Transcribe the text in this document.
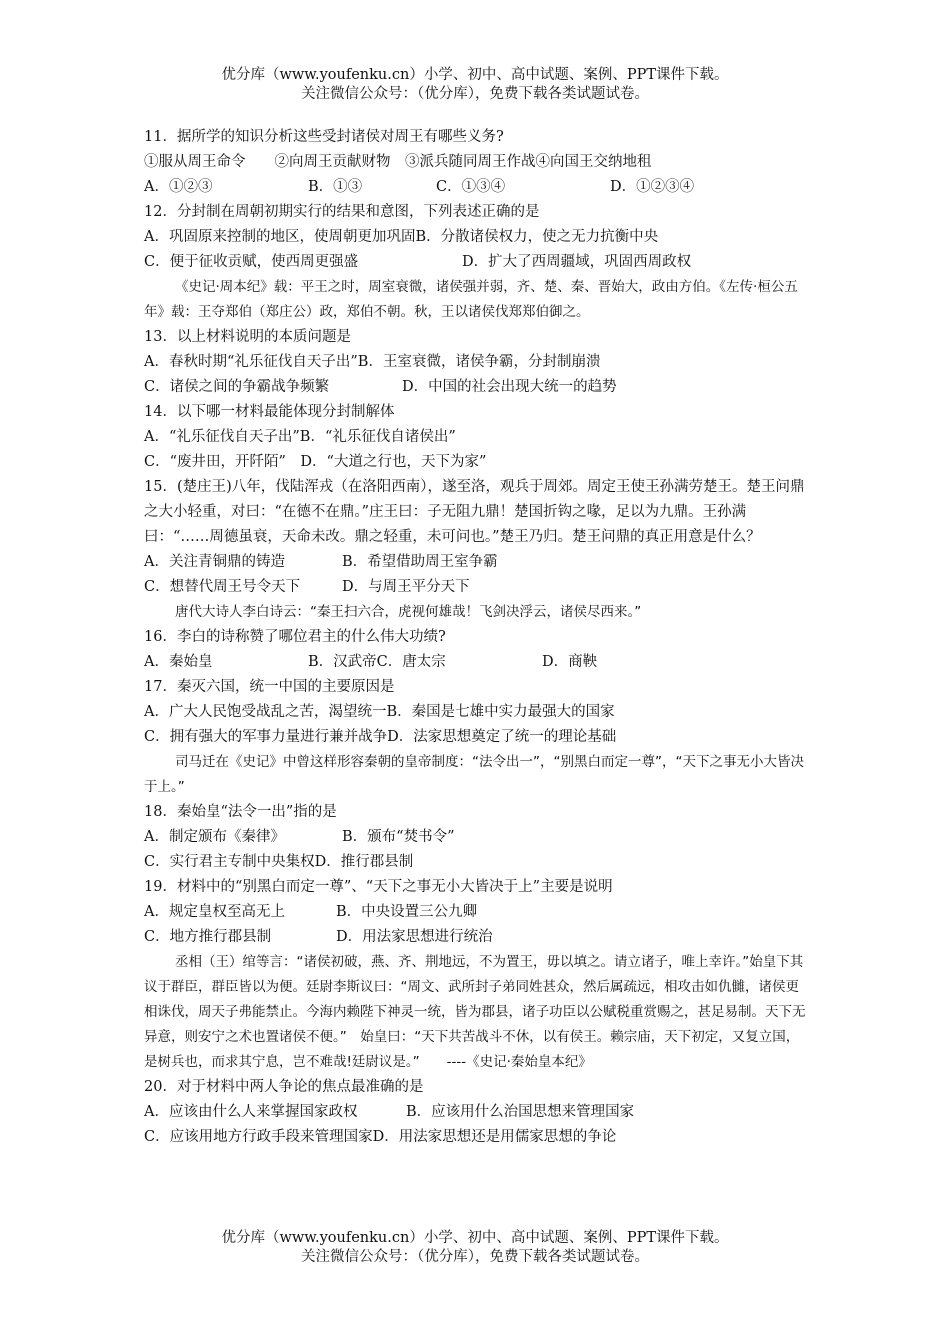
优分库（www.youfenku.cn）小学、初中、高中试题、案例、PPT课件下载。
关注微信公众号：（优分库），免费下载各类试题试卷。
11．据所学的知识分析这些受封诸侯对周王有哪些义务?
①服从周王命令　　②向周王贡献财物　③派兵随同周王作战④向国王交纳地租
A．①②③	B．①③	C．①③④	D．①②③④
12．分封制在周朝初期实行的结果和意图，下列表述正确的是
A．巩固原来控制的地区，使周朝更加巩固B．分散诸侯权力，使之无力抗衡中央
C．便于征收贡赋，使西周更强盛	D．扩大了西周疆域，巩固西周政权
《史记·周本纪》载：平王之时，周室衰微，诸侯强并弱，齐、楚、秦、晋始大，政由方伯。《左传·桓公五年》载：王夺郑伯（郑庄公）政，郑伯不朝。秋，王以诸侯伐郑郑伯御之。
13．以上材料说明的本质问题是
A．春秋时期“礼乐征伐自天子出”B．王室衰微，诸侯争霸，分封制崩溃
C．诸侯之间的争霸战争频繁	D．中国的社会出现大统一的趋势
14．以下哪一材料最能体现分封制解体
A．“礼乐征伐自天子出”B．“礼乐征伐自诸侯出”
C．“废井田，开阡陌”　D．“大道之行也，天下为家”
15．(楚庄王)八年，伐陆浑戎（在洛阳西南），遂至洛，观兵于周郊。周定王使王孙满劳楚王。楚王问鼎之大小轻重，对曰：“在德不在鼎。”庄王曰：子无阻九鼎！楚国折钩之喙，足以为九鼎。王孙满曰：“……周德虽衰，天命未改。鼎之轻重，未可问也。”楚王乃归。楚王问鼎的真正用意是什么？
A．关注青铜鼎的铸造	B．希望借助周王室争霸
C．想替代周王号令天下	D．与周王平分天下
唐代大诗人李白诗云：“秦王扫六合，虎视何雄哉！飞剑决浮云，诸侯尽西来。”
16．李白的诗称赞了哪位君主的什么伟大功绩?
A．秦始皇	B．汉武帝C．唐太宗	D．商鞅
17．秦灭六国，统一中国的主要原因是
A．广大人民饱受战乱之苦，渴望统一B．秦国是七雄中实力最强大的国家
C．拥有强大的军事力量进行兼并战争D．法家思想奠定了统一的理论基础
司马迁在《史记》中曾这样形容秦朝的皇帝制度：“法令出一”，“别黑白而定一尊”，“天下之事无小大皆决于上。”
18．秦始皇“法令一出”指的是
A．制定颁布《秦律》	B．颁布“焚书令”
C．实行君主专制中央集权D．推行郡县制
19．材料中的“别黑白而定一尊”、“天下之事无小大皆决于上”主要是说明
A．规定皇权至高无上	B．中央设置三公九卿
C．地方推行郡县制	D．用法家思想进行统治
丞相（王）绾等言：“诸侯初破，燕、齐、荆地远，不为置王，毋以填之。请立诸子，唯上幸许。”始皇下其议于群臣，群臣皆以为便。廷尉李斯议曰：“周文、武所封子弟同姓甚众，然后属疏远，相攻击如仇雠，诸侯更相诛伐，周天子弗能禁止。今海内赖陛下神灵一统，皆为郡县，诸子功臣以公赋税重赏赐之，甚足易制。天下无异意，则安宁之术也置诸侯不便。”　始皇曰：“天下共苦战斗不休，以有侯王。赖宗庙，天下初定，又复立国，是树兵也，而求其宁息，岂不难哉!廷尉议是。”　　----《史记·秦始皇本纪》
20．对于材料中两人争论的焦点最准确的是
A．应该由什么人来掌握国家政权	B．应该用什么治国思想来管理国家
C．应该用地方行政手段来管理国家D．用法家思想还是用儒家思想的争论
优分库（www.youfenku.cn）小学、初中、高中试题、案例、PPT课件下载。
关注微信公众号：（优分库），免费下载各类试题试卷。
